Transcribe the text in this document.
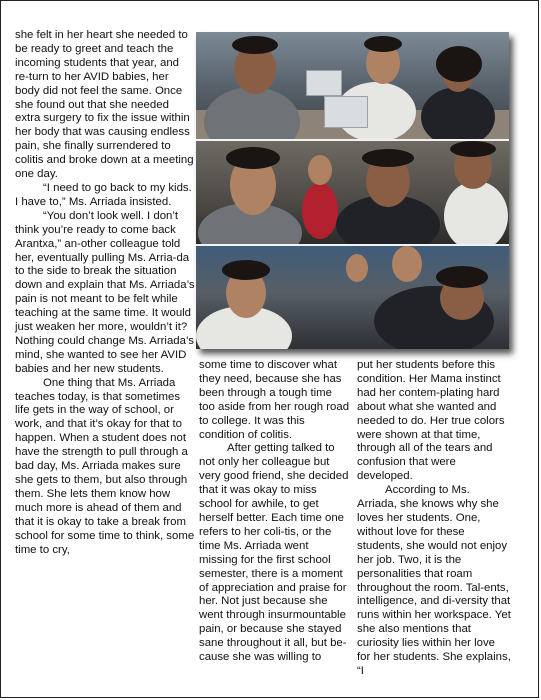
she felt in her heart she needed to be ready to greet and teach the incoming students that year, and re-turn to her AVID babies, her body did not feel the same. Once she found out that she needed extra surgery to fix the issue within her body that was causing endless pain, she finally surrendered to colitis and broke down at a meeting one day.

“I need to go back to my kids. I have to,” Ms. Arriada insisted.

“You don’t look well. I don’t think you’re ready to come back Arantxa,” an-other colleague told her, eventually pulling Ms. Arria-da to the side to break the situation down and explain that Ms. Arriada’s pain is not meant to be felt while teaching at the same time. It would just weaken her more, wouldn’t it? Nothing could change Ms. Arriada’s mind, she wanted to see her AVID babies and her new students.

One thing that Ms. Arriada teaches today, is that sometimes life gets in the way of school, or work, and that it’s okay for that to happen. When a student does not have the strength to pull through a bad day, Ms. Arriada makes sure she gets to them, but also through them. She lets them know how much more is ahead of them and that it is okay to take a break from school for some time to think, some time to cry,

some time to discover what they need, because she has been through a tough time too aside from her rough road to college. It was this condition of colitis.

After getting talked to not only her colleague but very good friend, she decided that it was okay to miss school for awhile, to get herself better. Each time one refers to her coli-tis, or the time Ms. Arriada went missing for the first school semester, there is a moment of appreciation and praise for her. Not just because she went through insurmountable pain, or because she stayed sane throughout it all, but be-cause she was willing to

put her students before this condition. Her Mama instinct had her contem-plating hard about what she wanted and needed to do. Her true colors were shown at that time, through all of the tears and confusion that were developed.

According to Ms. Arriada, she knows why she loves her students. One, without love for these students, she would not enjoy her job. Two, it is the personalities that roam throughout the room. Tal-ents, intelligence, and di-versity that runs within her workspace. Yet she also mentions that curiosity lies within her love for her students. She explains, “I
